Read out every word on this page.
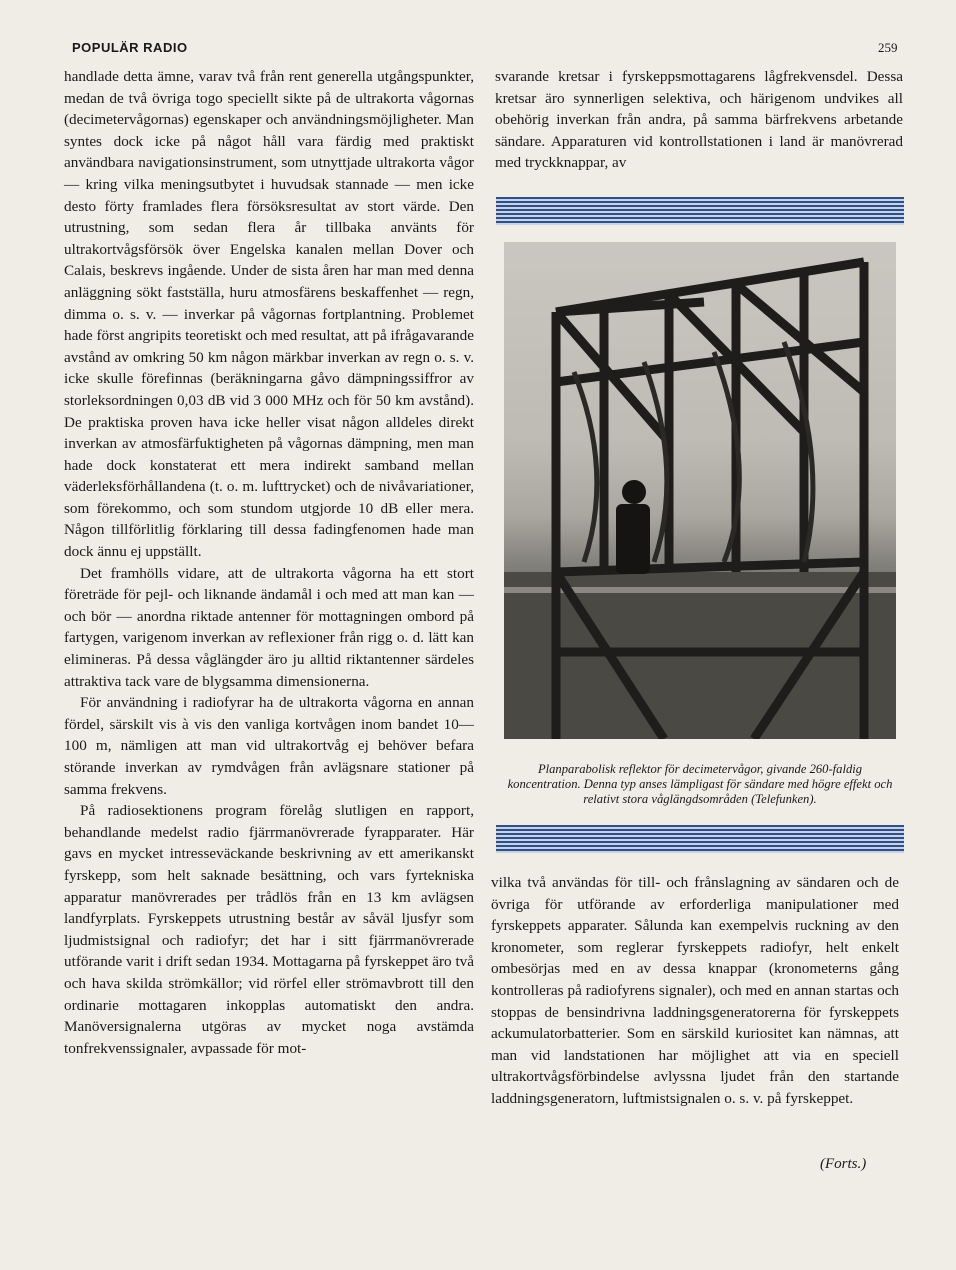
POPULÄR RADIO	259

handlade detta ämne, varav två från rent generella utgångspunkter, medan de två övriga togo speciellt sikte på de ultrakorta vågornas (decimetervågornas) egenskaper och användningsmöjligheter. Man syntes dock icke på något håll vara färdig med praktiskt användbara navigationsinstrument, som utnyttjade ultrakorta vågor — kring vilka meningsutbytet i huvudsak stannade — men icke desto förty framlades flera försöksresultat av stort värde. Den utrustning, som sedan flera år tillbaka använts för ultrakortvågsförsök över Engelska kanalen mellan Dover och Calais, beskrevs ingående. Under de sista åren har man med denna anläggning sökt fastställa, huru atmosfärens beskaffenhet — regn, dimma o. s. v. — inverkar på vågornas fortplantning. Problemet hade först angripits teoretiskt och med resultat, att på ifrågavarande avstånd av omkring 50 km någon märkbar inverkan av regn o. s. v. icke skulle förefinnas (beräkningarna gåvo dämpningssiffror av storleksordningen 0,03 dB vid 3 000 MHz och för 50 km avstånd). De praktiska proven hava icke heller visat någon alldeles direkt inverkan av atmosfärfuktigheten på vågornas dämpning, men man hade dock konstaterat ett mera indirekt samband mellan väderleksförhållandena (t. o. m. lufttrycket) och de nivåvariationer, som förekommo, och som stundom utgjorde 10 dB eller mera. Någon tillförlitlig förklaring till dessa fadingfenomen hade man dock ännu ej uppställt.

Det framhölls vidare, att de ultrakorta vågorna ha ett stort företräde för pejl- och liknande ändamål i och med att man kan — och bör — anordna riktade antenner för mottagningen ombord på fartygen, varigenom inverkan av reflexioner från rigg o. d. lätt kan elimineras. På dessa våglängder äro ju alltid riktantenner särdeles attraktiva tack vare de blygsamma dimensionerna.

För användning i radiofyrar ha de ultrakorta vågorna en annan fördel, särskilt vis à vis den vanliga kortvågen inom bandet 10—100 m, nämligen att man vid ultrakortvåg ej behöver befara störande inverkan av rymdvågen från avlägsnare stationer på samma frekvens.

På radiosektionens program förelåg slutligen en rapport, behandlande medelst radio fjärrmanövrerade fyrapparater. Här gavs en mycket intresseväckande beskrivning av ett amerikanskt fyrskepp, som helt saknade besättning, och vars fyrtekniska apparatur manövrerades per trådlös från en 13 km avlägsen landfyrplats. Fyrskeppets utrustning består av såväl ljusfyr som ljudmistsignal och radiofyr; det har i sitt fjärrmanövrerade utförande varit i drift sedan 1934. Mottagarna på fyrskeppet äro två och hava skilda strömkällor; vid rörfel eller strömavbrott till den ordinarie mottagaren inkopplas automatiskt den andra. Manöversignalerna utgöras av mycket noga avstämda tonfrekvenssignaler, avpassade för mot-

svarande kretsar i fyrskeppsmottagarens lågfrekvensdel. Dessa kretsar äro synnerligen selektiva, och härigenom undvikes all obehörig inverkan från andra, på samma bärfrekvens arbetande sändare. Apparaturen vid kontrollstationen i land är manövrerad med tryckknappar, av

Planparabolisk reflektor för decimetervågor, givande 260-faldig koncentration. Denna typ anses lämpligast för sändare med högre effekt och relativt stora våglängdsområden (Telefunken).

vilka två användas för till- och frånslagning av sändaren och de övriga för utförande av erforderliga manipulationer med fyrskeppets apparater. Sålunda kan exempelvis ruckning av den kronometer, som reglerar fyrskeppets radiofyr, helt enkelt ombesörjas med en av dessa knappar (kronometerns gång kontrolleras på radiofyrens signaler), och med en annan startas och stoppas de bensindrivna laddningsgeneratorerna för fyrskeppets ackumulatorbatterier. Som en särskild kuriositet kan nämnas, att man vid landstationen har möjlighet att via en speciell ultrakortvågsförbindelse avlyssna ljudet från den startande laddningsgeneratorn, luftmistsignalen o. s. v. på fyrskeppet.

(Forts.)
